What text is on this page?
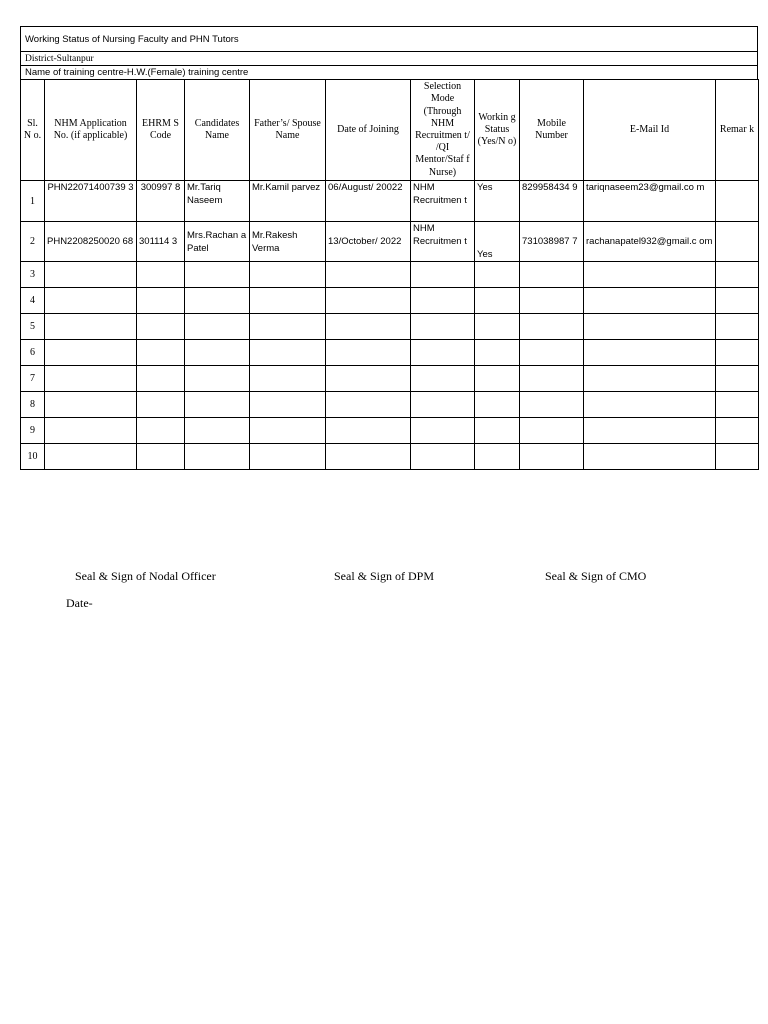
Working Status of Nursing Faculty and PHN Tutors
District-Sultanpur
Name of training centre-H.W.(Female) training centre
Sl. N o.	NHM Application No. (if applicable)	EHRM S Code	Candidates Name	Father’s/ Spouse Name	Date of Joining	Selection Mode (Through NHM Recruitmen t/ /QI Mentor/Staf f Nurse)	Workin g Status (Yes/N o)	Mobile Number	E-Mail Id	Remar k
1	PHN22071400739 3	300997 8	Mr.Tariq Naseem	Mr.Kamil parvez	06/August/ 20022	NHM Recruitmen t	Yes	829958434 9	tariqnaseem23@gmail.co m	
2	PHN2208250020 68	301114 3	Mrs.Rachan a Patel	Mr.Rakesh Verma	13/October/ 2022	NHM Recruitmen t	Yes	731038987 7	rachanapatel932@gmail.c om	
3										
4										
5										
6										
7										
8										
9										
10										
Seal & Sign of Nodal Officer	Seal & Sign of DPM	Seal & Sign of CMO
Date-
